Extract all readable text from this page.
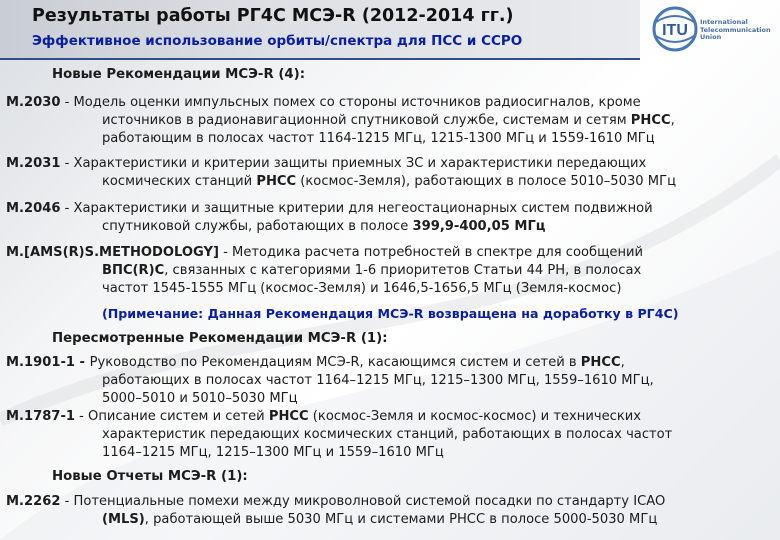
Результаты работы РГ4С МСЭ-R (2012-2014 гг.)
Эффективное использование орбиты/спектра для ПСС и ССРО
ITU International
Telecommunication
Union
Новые Рекомендации МСЭ-R (4):
M.2030 - Модель оценки импульсных помех со стороны источников радиосигналов, кроме
источников в радионавигационной спутниковой службе, системам и сетям РНСС,
работающим в полосах частот 1164-1215 МГц, 1215-1300 МГц и 1559-1610 МГц
M.2031 - Характеристики и критерии защиты приемных ЗС и характеристики передающих
космических станций РНСС (космос-Земля), работающих в полосе 5010–5030 МГц
M.2046 - Характеристики и защитные критерии для негеостационарных систем подвижной
спутниковой службы, работающих в полосе 399,9-400,05 МГц
M.[AMS(R)S.METHODOLOGY] - Методика расчета потребностей в спектре для сообщений
ВПС(R)С, связанных с категориями 1-6 приоритетов Статьи 44 РН, в полосах
частот 1545-1555 МГц (космос-Земля) и 1646,5-1656,5 МГц (Земля-космос)
(Примечание: Данная Рекомендация МСЭ-R возвращена на доработку в РГ4С)
Пересмотренные Рекомендации МСЭ-R (1):
M.1901-1 - Руководство по Рекомендациям МСЭ-R, касающимся систем и сетей в РНСС,
работающих в полосах частот 1164–1215 МГц, 1215–1300 МГц, 1559–1610 МГц,
5000–5010 и 5010–5030 МГц
M.1787-1 - Описание систем и сетей РНСС (космос-Земля и космос-космос) и технических
характеристик передающих космических станций, работающих в полосах частот
1164–1215 МГц, 1215–1300 МГц и 1559–1610 МГц
Новые Отчеты МСЭ-R (1):
M.2262 - Потенциальные помехи между микроволновой системой посадки по стандарту ICAO
(MLS), работающей выше 5030 МГц и системами РНСС в полосе 5000-5030 МГц
